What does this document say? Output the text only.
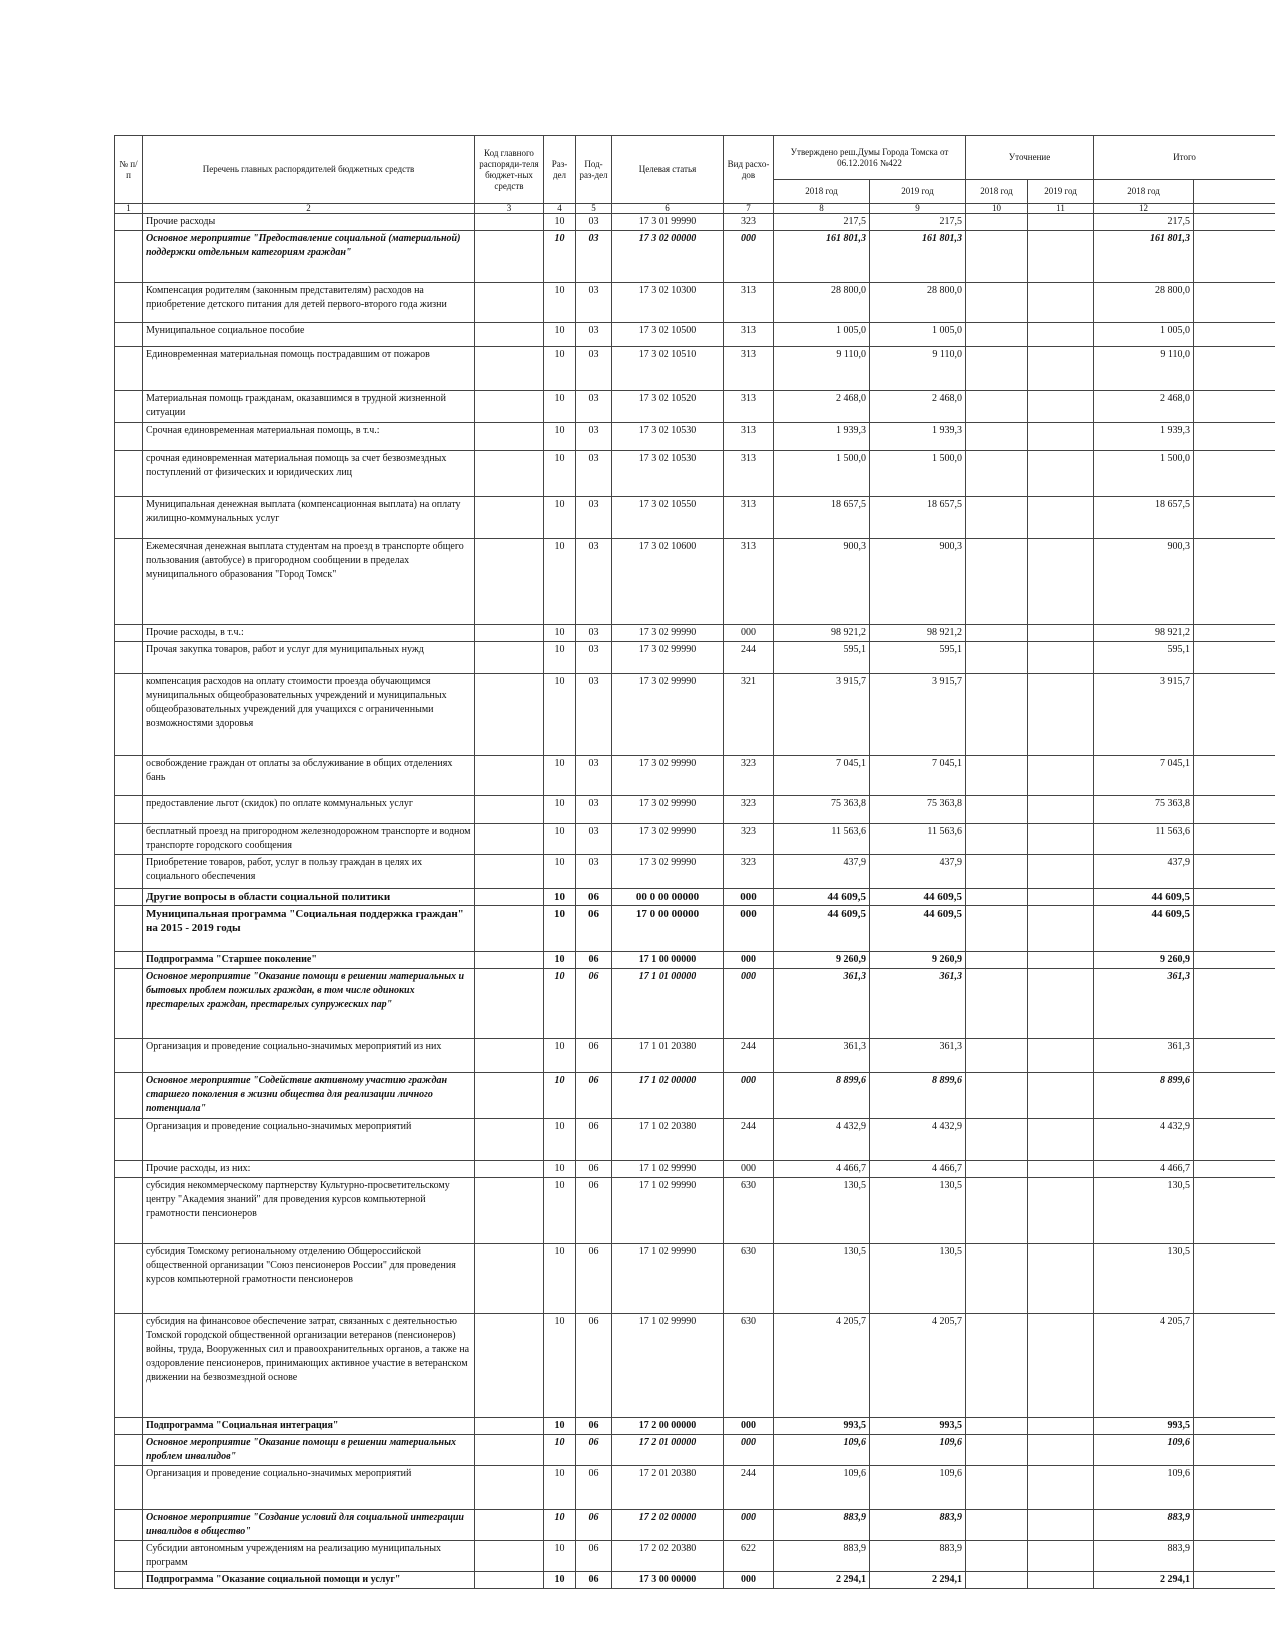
№ п/п	Перечень главных распорядителей бюджетных средств	Код главного распоряди-теля бюджет-ных средств	Раз-дел	Под-раз-дел	Целевая статья	Вид расхо-дов	Утверждено реш.Думы Города Томска от 06.12.2016 №422		Уточнение		Итого	
							2018 год	2019 год	2018 год	2019 год	2018 год	
1	2	3	4	5	6	7	8	9	10	11	12	
	Прочие расходы		10	03	17 3 01 99990	323	217,5	217,5			217,5	
	Основное мероприятие "Предоставление социальной (материальной) поддержки отдельным категориям граждан"		10	03	17 3 02 00000	000	161 801,3	161 801,3			161 801,3	
	Компенсация родителям (законным представителям) расходов на приобретение детского питания для детей первого-второго года жизни		10	03	17 3 02 10300	313	28 800,0	28 800,0			28 800,0	
	Муниципальное социальное пособие		10	03	17 3 02 10500	313	1 005,0	1 005,0			1 005,0	
	Единовременная материальная помощь пострадавшим от пожаров		10	03	17 3 02 10510	313	9 110,0	9 110,0			9 110,0	
	Материальная помощь гражданам, оказавшимся в трудной жизненной ситуации		10	03	17 3 02 10520	313	2 468,0	2 468,0			2 468,0	
	Срочная единовременная материальная помощь, в т.ч.:		10	03	17 3 02 10530	313	1 939,3	1 939,3			1 939,3	
	срочная единовременная материальная помощь за счет безвозмездных поступлений от физических и юридических лиц		10	03	17 3 02 10530	313	1 500,0	1 500,0			1 500,0	
	Муниципальная денежная выплата (компенсационная выплата) на оплату жилищно-коммунальных услуг		10	03	17 3 02 10550	313	18 657,5	18 657,5			18 657,5	
	Ежемесячная денежная выплата студентам на проезд в транспорте общего пользования (автобусе) в пригородном сообщении в пределах муниципального образования "Город Томск"		10	03	17 3 02 10600	313	900,3	900,3			900,3	
	Прочие расходы, в т.ч.:		10	03	17 3 02 99990	000	98 921,2	98 921,2			98 921,2	
	Прочая закупка товаров, работ и услуг для муниципальных нужд		10	03	17 3 02 99990	244	595,1	595,1			595,1	
	компенсация расходов на оплату стоимости проезда обучающимся муниципальных общеобразовательных учреждений и муниципальных общеобразовательных учреждений для учащихся с ограниченными возможностями здоровья		10	03	17 3 02 99990	321	3 915,7	3 915,7			3 915,7	
	освобождение граждан от оплаты за обслуживание в общих отделениях бань		10	03	17 3 02 99990	323	7 045,1	7 045,1			7 045,1	
	предоставление льгот (скидок) по оплате коммунальных услуг		10	03	17 3 02 99990	323	75 363,8	75 363,8			75 363,8	
	бесплатный проезд на пригородном железнодорожном транспорте и водном транспорте городского сообщения		10	03	17 3 02 99990	323	11 563,6	11 563,6			11 563,6	
	Приобретение товаров, работ, услуг в пользу граждан в целях их социального обеспечения		10	03	17 3 02 99990	323	437,9	437,9			437,9	
	Другие вопросы в области социальной политики		10	06	00 0 00 00000	000	44 609,5	44 609,5			44 609,5	
	Муниципальная программа "Социальная поддержка граждан" на 2015 - 2019 годы		10	06	17 0 00 00000	000	44 609,5	44 609,5			44 609,5	
	Подпрограмма "Старшее поколение"		10	06	17 1 00 00000	000	9 260,9	9 260,9			9 260,9	
	Основное мероприятие "Оказание помощи в решении материальных и бытовых проблем пожилых граждан, в том числе одиноких престарелых граждан, престарелых супружеских пар"		10	06	17 1 01 00000	000	361,3	361,3			361,3	
	Организация и проведение социально-значимых мероприятий из них		10	06	17 1 01 20380	244	361,3	361,3			361,3	
	Основное мероприятие "Содействие активному участию граждан старшего поколения в жизни общества для реализации личного потенциала"		10	06	17 1 02 00000	000	8 899,6	8 899,6			8 899,6	
	Организация и проведение социально-значимых мероприятий		10	06	17 1 02 20380	244	4 432,9	4 432,9			4 432,9	
	Прочие расходы, из них:		10	06	17 1 02 99990	000	4 466,7	4 466,7			4 466,7	
	субсидия некоммерческому партнерству Культурно-просветительскому центру "Академия знаний" для проведения курсов компьютерной грамотности пенсионеров		10	06	17 1 02 99990	630	130,5	130,5			130,5	
	субсидия Томскому региональному отделению Общероссийской общественной организации "Союз пенсионеров России" для проведения курсов компьютерной грамотности пенсионеров		10	06	17 1 02 99990	630	130,5	130,5			130,5	
	субсидия на финансовое обеспечение затрат, связанных с деятельностью Томской городской общественной организации ветеранов (пенсионеров) войны, труда, Вооруженных сил и правоохранительных органов, а также на оздоровление пенсионеров, принимающих активное участие в ветеранском движении на безвозмездной основе		10	06	17 1 02 99990	630	4 205,7	4 205,7			4 205,7	
	Подпрограмма "Социальная интеграция"		10	06	17 2 00 00000	000	993,5	993,5			993,5	
	Основное мероприятие "Оказание помощи в решении материальных проблем инвалидов"		10	06	17 2 01 00000	000	109,6	109,6			109,6	
	Организация и проведение социально-значимых мероприятий		10	06	17 2 01 20380	244	109,6	109,6			109,6	
	Основное мероприятие "Создание условий для социальной интеграции инвалидов в общество"		10	06	17 2 02 00000	000	883,9	883,9			883,9	
	Субсидии автономным учреждениям на реализацию муниципальных программ		10	06	17 2 02 20380	622	883,9	883,9			883,9	
	Подпрограмма "Оказание социальной помощи и услуг"		10	06	17 3 00 00000	000	2 294,1	2 294,1			2 294,1	
